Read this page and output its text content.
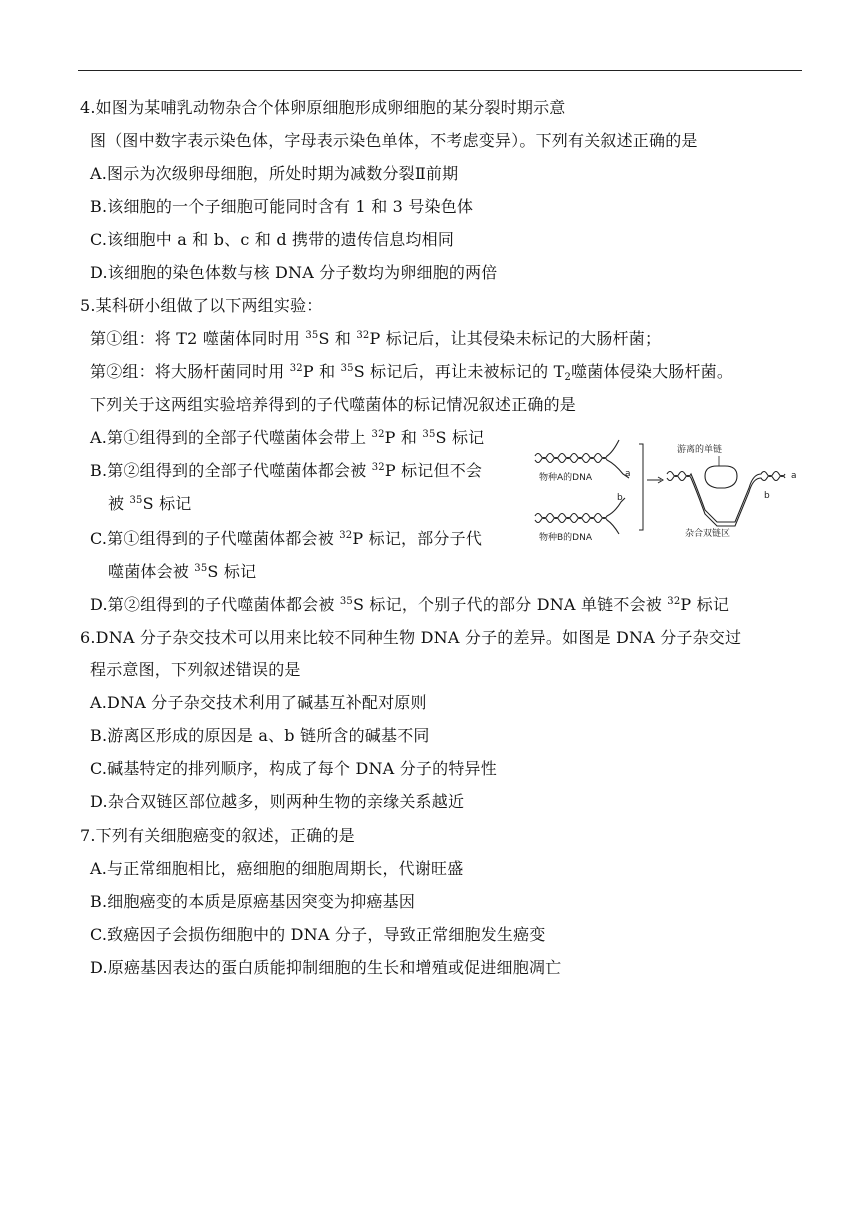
4.如图为某哺乳动物杂合个体卵原细胞形成卵细胞的某分裂时期示意
图（图中数字表示染色体，字母表示染色单体，不考虑变异）。下列有关叙述正确的是
A.图示为次级卵母细胞，所处时期为减数分裂Ⅱ前期
B.该细胞的一个子细胞可能同时含有 1 和 3 号染色体
C.该细胞中 a 和 b、c 和 d 携带的遗传信息均相同
D.该细胞的染色体数与核 DNA 分子数均为卵细胞的两倍
5.某科研小组做了以下两组实验：
第①组：将 T2 噬菌体同时用 $^{35}$S 和 $^{32}$P 标记后，让其侵染未标记的大肠杆菌；
第②组：将大肠杆菌同时用 $^{32}$P 和 $^{35}$S 标记后，再让未被标记的 $T_2$噬菌体侵染大肠杆菌。
下列关于这两组实验培养得到的子代噬菌体的标记情况叙述正确的是
A.第①组得到的全部子代噬菌体会带上 $^{32}$P 和 $^{35}$S 标记
B.第②组得到的全部子代噬菌体都会被 $^{32}$P 标记但不会
被 $^{35}$S 标记
C.第①组得到的子代噬菌体都会被 $^{32}$P 标记，部分子代
噬菌体会被 $^{35}$S 标记
D.第②组得到的子代噬菌体都会被 $^{35}$S 标记，个别子代的部分 DNA 单链不会被 $^{32}$P 标记
物种A的DNA
物种B的DNA
a
b
游离的单链
a
b
杂合双链区
6.DNA 分子杂交技术可以用来比较不同种生物 DNA 分子的差异。如图是 DNA 分子杂交过
程示意图，下列叙述错误的是
A.DNA 分子杂交技术利用了碱基互补配对原则
B.游离区形成的原因是 a、b 链所含的碱基不同
C.碱基特定的排列顺序，构成了每个 DNA 分子的特异性
D.杂合双链区部位越多，则两种生物的亲缘关系越近
7.下列有关细胞癌变的叙述，正确的是
A.与正常细胞相比，癌细胞的细胞周期长，代谢旺盛
B.细胞癌变的本质是原癌基因突变为抑癌基因
C.致癌因子会损伤细胞中的 DNA 分子，导致正常细胞发生癌变
D.原癌基因表达的蛋白质能抑制细胞的生长和增殖或促进细胞凋亡
